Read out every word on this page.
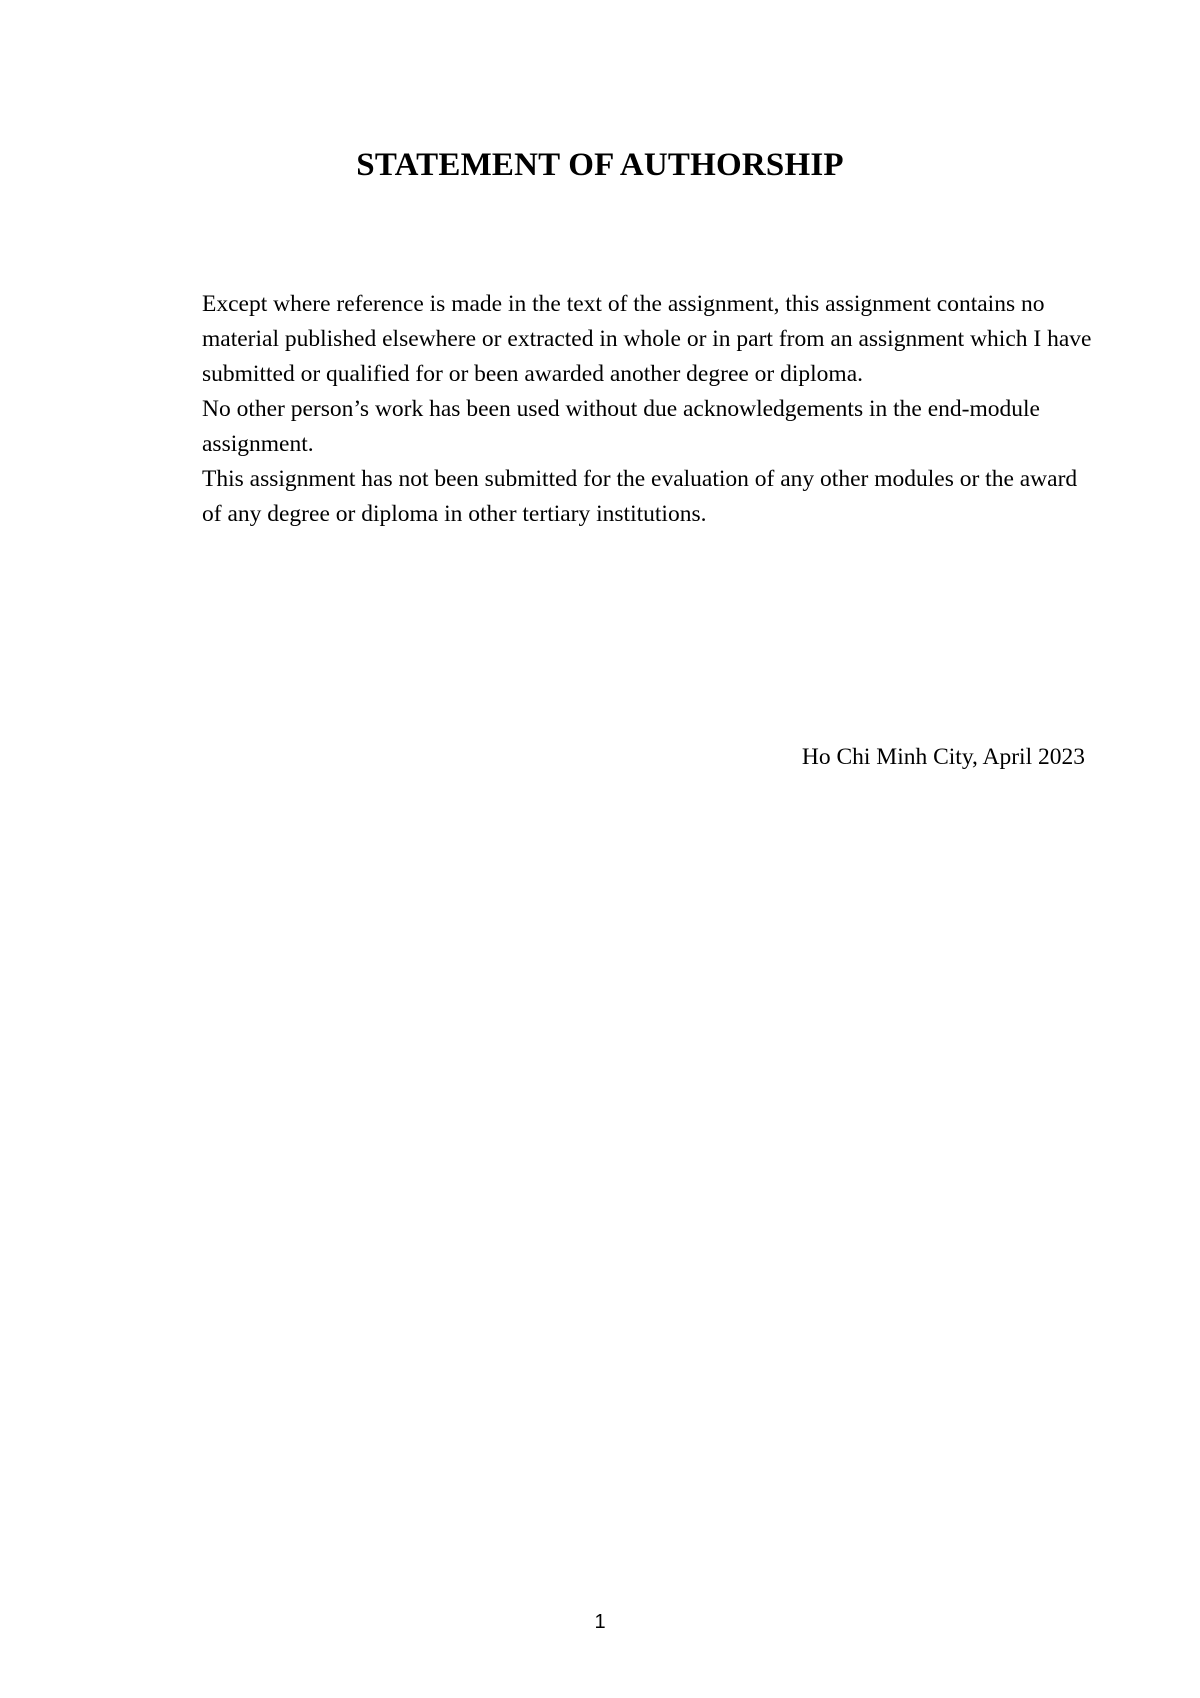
STATEMENT OF AUTHORSHIP

Except where reference is made in the text of the assignment, this assignment contains no material published elsewhere or extracted in whole or in part from an assignment which I have submitted or qualified for or been awarded another degree or diploma.

No other person’s work has been used without due acknowledgements in the end-module assignment.

This assignment has not been submitted for the evaluation of any other modules or the award of any degree or diploma in other tertiary institutions.

Ho Chi Minh City, April 2023

1
